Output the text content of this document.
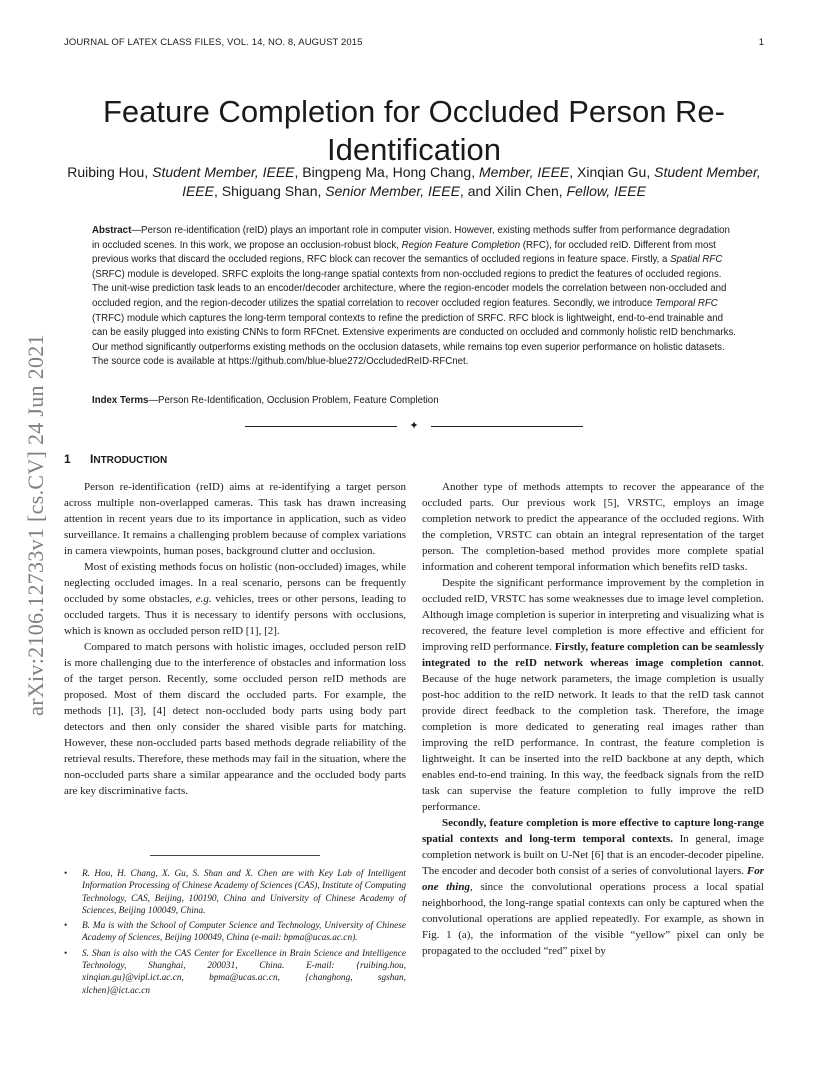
JOURNAL OF LATEX CLASS FILES, VOL. 14, NO. 8, AUGUST 2015	1
arXiv:2106.12733v1 [cs.CV] 24 Jun 2021
Feature Completion for Occluded Person Re-Identification
Ruibing Hou, Student Member, IEEE, Bingpeng Ma, Hong Chang, Member, IEEE, Xinqian Gu, Student Member, IEEE, Shiguang Shan, Senior Member, IEEE, and Xilin Chen, Fellow, IEEE
Abstract—Person re-identification (reID) plays an important role in computer vision. However, existing methods suffer from performance degradation in occluded scenes. In this work, we propose an occlusion-robust block, Region Feature Completion (RFC), for occluded reID. Different from most previous works that discard the occluded regions, RFC block can recover the semantics of occluded regions in feature space. Firstly, a Spatial RFC (SRFC) module is developed. SRFC exploits the long-range spatial contexts from non-occluded regions to predict the features of occluded regions. The unit-wise prediction task leads to an encoder/decoder architecture, where the region-encoder models the correlation between non-occluded and occluded region, and the region-decoder utilizes the spatial correlation to recover occluded region features. Secondly, we introduce Temporal RFC (TRFC) module which captures the long-term temporal contexts to refine the prediction of SRFC. RFC block is lightweight, end-to-end trainable and can be easily plugged into existing CNNs to form RFCnet. Extensive experiments are conducted on occluded and commonly holistic reID benchmarks. Our method significantly outperforms existing methods on the occlusion datasets, while remains top even superior performance on holistic datasets. The source code is available at https://github.com/blue-blue272/OccludedReID-RFCnet.
Index Terms—Person Re-Identification, Occlusion Problem, Feature Completion
✦
1 INTRODUCTION

Person re-identification (reID) aims at re-identifying a target person across multiple non-overlapped cameras. This task has drawn increasing attention in recent years due to its importance in application, such as video surveillance. It remains a challenging problem because of complex variations in camera viewpoints, human poses, background clutter and occlusion.

Most of existing methods focus on holistic (non-occluded) images, while neglecting occluded images. In a real scenario, persons can be frequently occluded by some obstacles, e.g. vehicles, trees or other persons, leading to occluded targets. Thus it is necessary to identify persons with occlusions, which is known as occluded person reID [1], [2].

Compared to match persons with holistic images, occluded person reID is more challenging due to the interference of obstacles and information loss of the target person. Recently, some occluded person reID methods are proposed. Most of them discard the occluded parts. For example, the methods [1], [3], [4] detect non-occluded body parts using body part detectors and then only consider the shared visible parts for matching. However, these non-occluded parts based methods degrade reliability of the retrieval results. Therefore, these methods may fail in the situation, where the non-occluded parts share a similar appearance and the occluded body parts are key discriminative facts.

Another type of methods attempts to recover the appearance of the occluded parts. Our previous work [5], VRSTC, employs an image completion network to predict the appearance of the occluded regions. With the completion, VRSTC can obtain an integral representation of the target person. The completion-based method provides more complete spatial information and coherent temporal information which benefits reID tasks.

Despite the significant performance improvement by the completion in occluded reID, VRSTC has some weaknesses due to image level completion. Although image completion is superior in interpreting and visualizing what is recovered, the feature level completion is more effective and efficient for improving reID performance. Firstly, feature completion can be seamlessly integrated to the reID network whereas image completion cannot. Because of the huge network parameters, the image completion is usually post-hoc addition to the reID network. It leads to that the reID task cannot provide direct feedback to the completion task. Therefore, the image completion is more dedicated to generating real images rather than improving the reID performance. In contrast, the feature completion is lightweight. It can be inserted into the reID backbone at any depth, which enables end-to-end training. In this way, the feedback signals from the reID task can supervise the feature completion to fully improve the reID performance.

Secondly, feature completion is more effective to capture long-range spatial contexts and long-term temporal contexts. In general, image completion network is built on U-Net [6] that is an encoder-decoder pipeline. The encoder and decoder both consist of a series of convolutional layers. For one thing, since the convolutional operations process a local spatial neighborhood, the long-range spatial contexts can only be captured when the convolutional operations are applied repeatedly. For example, as shown in Fig. 1 (a), the information of the visible “yellow” pixel can only be propagated to the occluded “red” pixel by

• R. Hou, H. Chang, X. Gu, S. Shan and X. Chen are with Key Lab of Intelligent Information Processing of Chinese Academy of Sciences (CAS), Institute of Computing Technology, CAS, Beijing, 100190, China and University of Chinese Academy of Sciences, Beijing 100049, China.
• B. Ma is with the School of Computer Science and Technology, University of Chinese Academy of Sciences, Beijing 100049, China (e-mail: bpma@ucas.ac.cn).
• S. Shan is also with the CAS Center for Excellence in Brain Science and Intelligence Technology, Shanghai, 200031, China. E-mail: {ruibing.hou, xinqian.gu}@vipl.ict.ac.cn, bpma@ucas.ac.cn, {changhong, sgshan, xlchen}@ict.ac.cn
